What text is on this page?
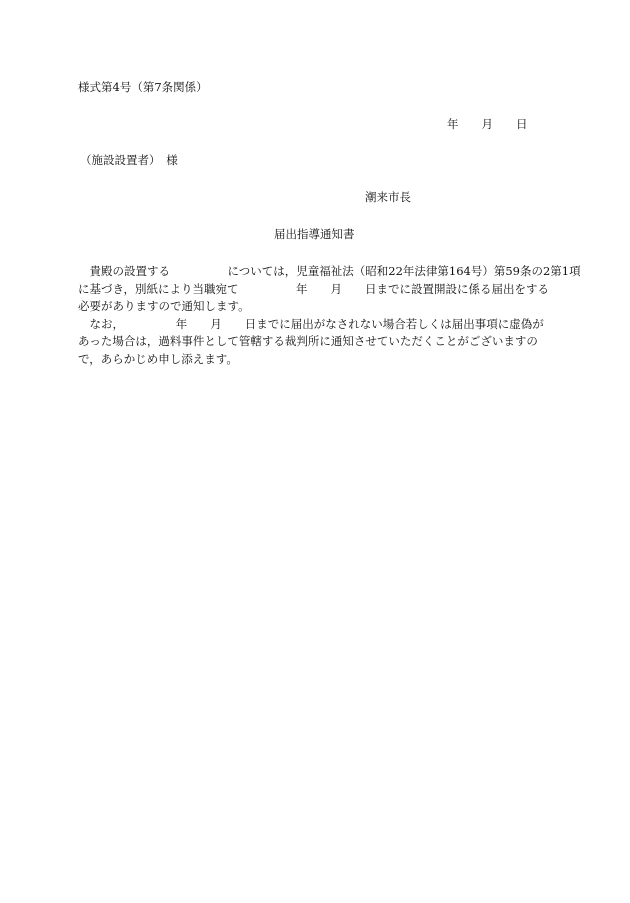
様式第4号（第7条関係）
年　　月　　日
（施設設置者）　様
潮来市長
届出指導通知書
　貴殿の設置する　　　　　については，児童福祉法（昭和22年法律第164号）第59条の2第1項
に基づき，別紙により当職宛て　　　　　年　　月　　日までに設置開設に係る届出をする
必要がありますので通知します。
　なお，　　　　　年　　月　　日までに届出がなされない場合若しくは届出事項に虚偽が
あった場合は，過料事件として管轄する裁判所に通知させていただくことがございますの
で，あらかじめ申し添えます。
